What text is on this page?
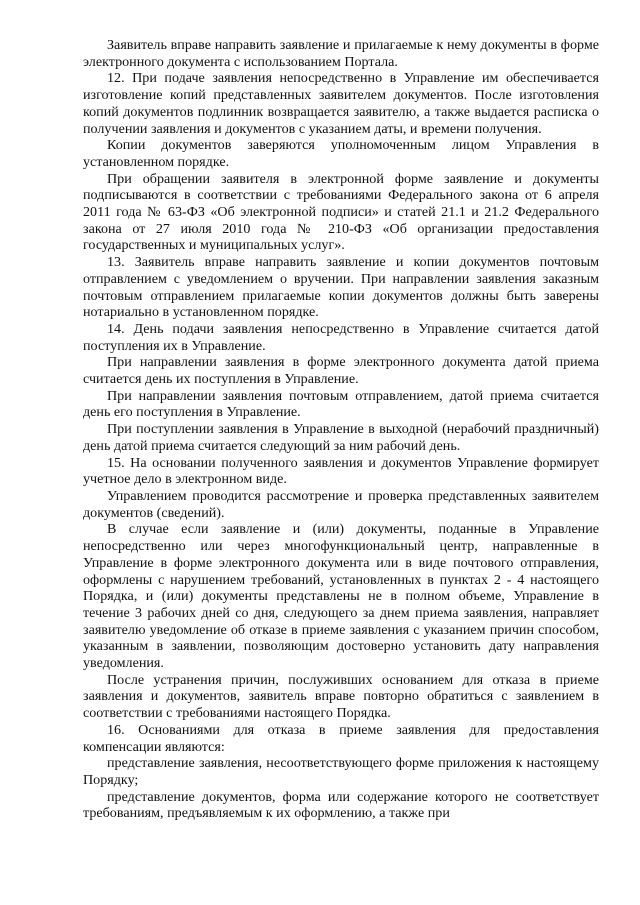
Заявитель вправе направить заявление и прилагаемые к нему документы в форме электронного документа с использованием Портала.

12. При подаче заявления непосредственно в Управление им обеспечивается изготовление копий представленных заявителем документов. После изготовления копий документов подлинник возвращается заявителю, а также выдается расписка о получении заявления и документов с указанием даты, и времени получения.

Копии документов заверяются уполномоченным лицом Управления в установленном порядке.

При обращении заявителя в электронной форме заявление и документы подписываются в соответствии с требованиями Федерального закона от 6 апреля 2011 года № 63-ФЗ «Об электронной подписи» и статей 21.1 и 21.2 Федерального закона от 27 июля 2010 года № 210-ФЗ «Об организации предоставления государственных и муниципальных услуг».

13. Заявитель вправе направить заявление и копии документов почтовым отправлением с уведомлением о вручении. При направлении заявления заказным почтовым отправлением прилагаемые копии документов должны быть заверены нотариально в установленном порядке.

14. День подачи заявления непосредственно в Управление считается датой поступления их в Управление.

При направлении заявления в форме электронного документа датой приема считается день их поступления в Управление.

При направлении заявления почтовым отправлением, датой приема считается день его поступления в Управление.

При поступлении заявления в Управление в выходной (нерабочий праздничный) день датой приема считается следующий за ним рабочий день.

15. На основании полученного заявления и документов Управление формирует учетное дело в электронном виде.

Управлением проводится рассмотрение и проверка представленных заявителем документов (сведений).

В случае если заявление и (или) документы, поданные в Управление непосредственно или через многофункциональный центр, направленные в Управление в форме электронного документа или в виде почтового отправления, оформлены с нарушением требований, установленных в пунктах 2 - 4 настоящего Порядка, и (или) документы представлены не в полном объеме, Управление в течение 3 рабочих дней со дня, следующего за днем приема заявления, направляет заявителю уведомление об отказе в приеме заявления с указанием причин способом, указанным в заявлении, позволяющим достоверно установить дату направления уведомления.

После устранения причин, послуживших основанием для отказа в приеме заявления и документов, заявитель вправе повторно обратиться с заявлением в соответствии с требованиями настоящего Порядка.

16. Основаниями для отказа в приеме заявления для предоставления компенсации являются:

представление заявления, несоответствующего форме приложения к настоящему Порядку;

представление документов, форма или содержание которого не соответствует требованиям, предъявляемым к их оформлению, а также при
